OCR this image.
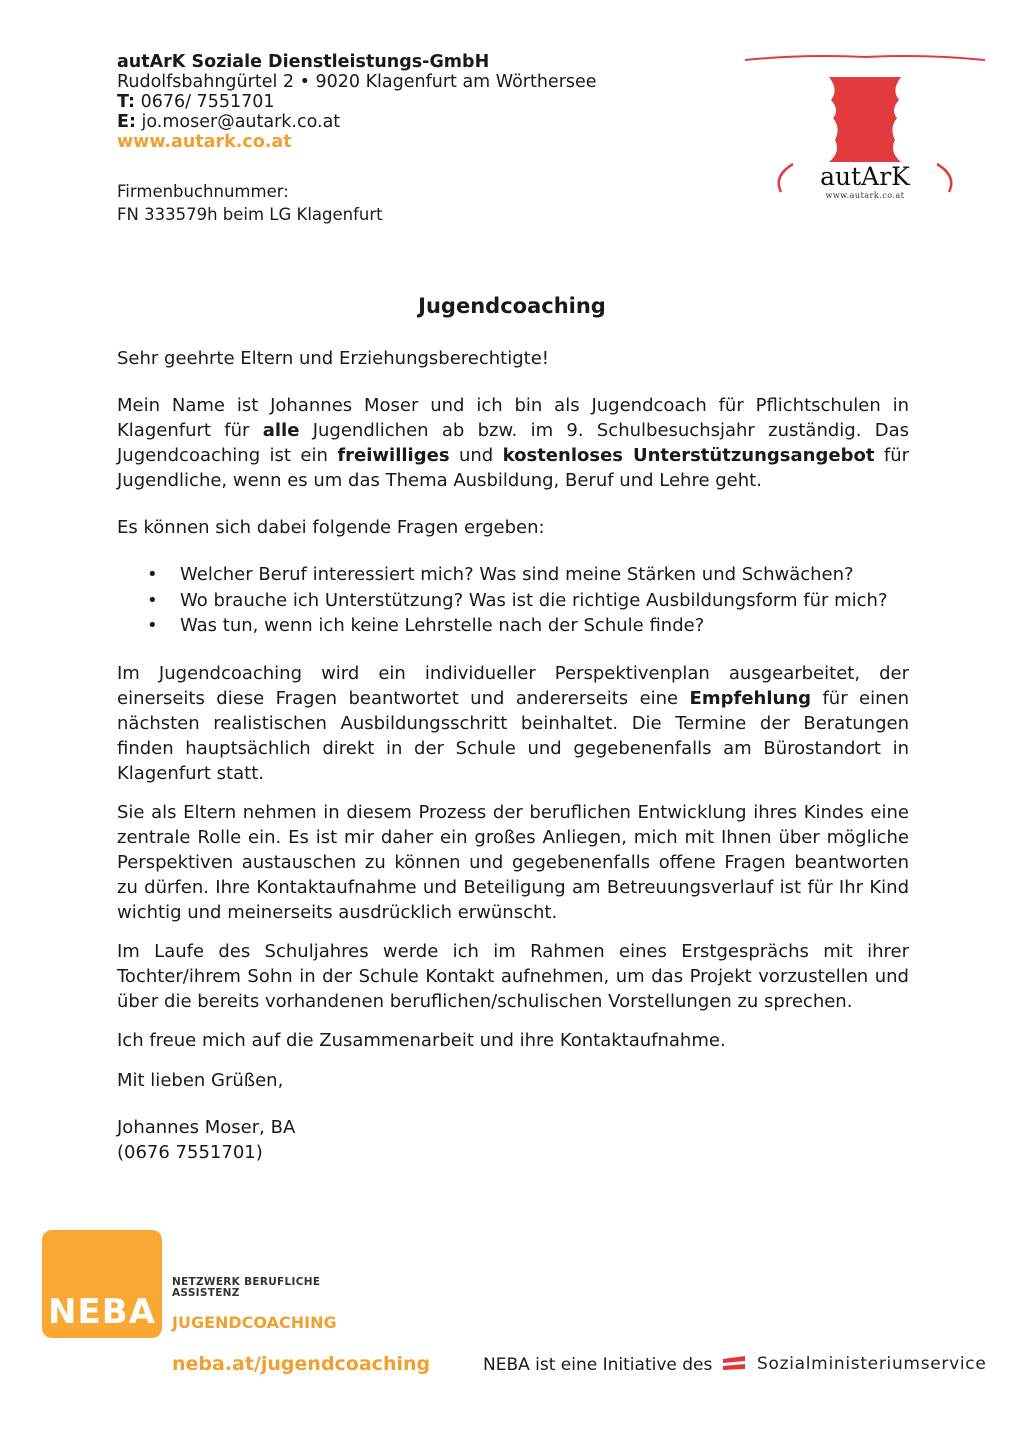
autArK Soziale Dienstleistungs-GmbH
Rudolfsbahngürtel 2 • 9020 Klagenfurt am Wörthersee
T: 0676/ 7551701
E: jo.moser@autark.co.at
www.autark.co.at
Firmenbuchnummer:
FN 333579h beim LG Klagenfurt
autArK
www.autark.co.at
Jugendcoaching

Sehr geehrte Eltern und Erziehungsberechtigte!

Mein Name ist Johannes Moser und ich bin als Jugendcoach für Pflichtschulen in Klagenfurt für alle Jugendlichen ab bzw. im 9. Schulbesuchsjahr zuständig. Das Jugendcoaching ist ein freiwilliges und kostenloses Unterstützungsangebot für Jugendliche, wenn es um das Thema Ausbildung, Beruf und Lehre geht.

Es können sich dabei folgende Fragen ergeben:

• Welcher Beruf interessiert mich? Was sind meine Stärken und Schwächen?
• Wo brauche ich Unterstützung? Was ist die richtige Ausbildungsform für mich?
• Was tun, wenn ich keine Lehrstelle nach der Schule finde?

Im Jugendcoaching wird ein individueller Perspektivenplan ausgearbeitet, der einerseits diese Fragen beantwortet und andererseits eine Empfehlung für einen nächsten realistischen Ausbildungsschritt beinhaltet. Die Termine der Beratungen finden hauptsächlich direkt in der Schule und gegebenenfalls am Bürostandort in Klagenfurt statt.

Sie als Eltern nehmen in diesem Prozess der beruflichen Entwicklung ihres Kindes eine zentrale Rolle ein. Es ist mir daher ein großes Anliegen, mich mit Ihnen über mögliche Perspektiven austauschen zu können und gegebenenfalls offene Fragen beantworten zu dürfen. Ihre Kontaktaufnahme und Beteiligung am Betreuungsverlauf ist für Ihr Kind wichtig und meinerseits ausdrücklich erwünscht.

Im Laufe des Schuljahres werde ich im Rahmen eines Erstgesprächs mit ihrer Tochter/ihrem Sohn in der Schule Kontakt aufnehmen, um das Projekt vorzustellen und über die bereits vorhandenen beruflichen/schulischen Vorstellungen zu sprechen.

Ich freue mich auf die Zusammenarbeit und ihre Kontaktaufnahme.

Mit lieben Grüßen,

Johannes Moser, BA

(0676 7551701)

NEBA
NETZWERK BERUFLICHE
ASSISTENZ
JUGENDCOACHING
neba.at/jugendcoaching	NEBA ist eine Initiative des	Sozialministeriumservice
